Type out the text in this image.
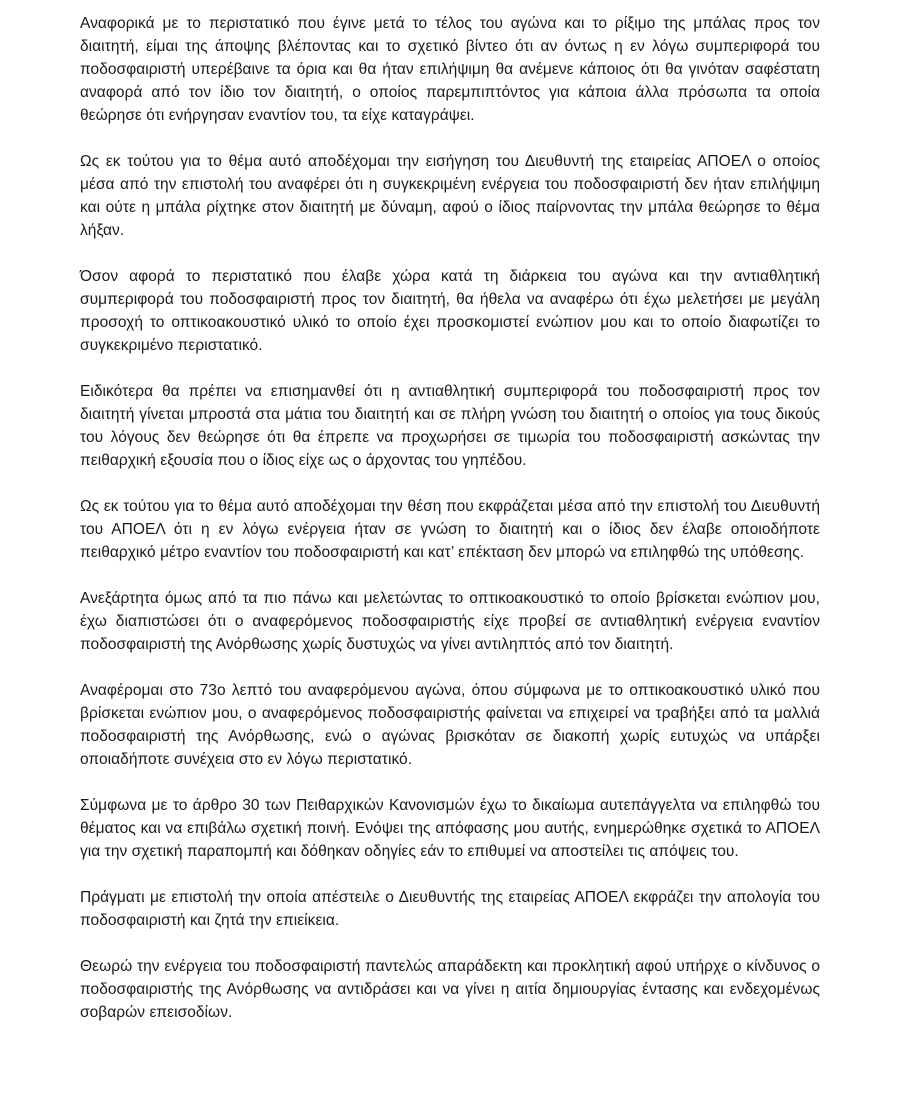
Αναφορικά με το περιστατικό που έγινε μετά το τέλος του αγώνα και το ρίξιμο της μπάλας προς τον διαιτητή, είμαι της άποψης βλέποντας και το σχετικό βίντεο ότι αν όντως η εν λόγω συμπεριφορά του ποδοσφαιριστή υπερέβαινε τα όρια και θα ήταν επιλήψιμη θα ανέμενε κάποιος ότι θα γινόταν σαφέστατη αναφορά από τον ίδιο τον διαιτητή, ο οποίος παρεμπιπτόντος για κάποια άλλα πρόσωπα τα οποία θεώρησε ότι ενήργησαν εναντίον του, τα είχε καταγράψει.

Ως εκ τούτου για το θέμα αυτό αποδέχομαι την εισήγηση του Διευθυντή της εταιρείας ΑΠΟΕΛ ο οποίος μέσα από την επιστολή του αναφέρει ότι η συγκεκριμένη ενέργεια του ποδοσφαιριστή δεν ήταν επιλήψιμη και ούτε η μπάλα ρίχτηκε στον διαιτητή με δύναμη, αφού ο ίδιος παίρνοντας την μπάλα θεώρησε το θέμα λήξαν.

Όσον αφορά το περιστατικό που έλαβε χώρα κατά τη διάρκεια του αγώνα και την αντιαθλητική συμπεριφορά του ποδοσφαιριστή προς τον διαιτητή, θα ήθελα να αναφέρω ότι έχω μελετήσει με μεγάλη προσοχή το οπτικοακουστικό υλικό το οποίο έχει προσκομιστεί ενώπιον μου και το οποίο διαφωτίζει το συγκεκριμένο περιστατικό.

Ειδικότερα θα πρέπει να επισημανθεί ότι η αντιαθλητική συμπεριφορά του ποδοσφαιριστή προς τον διαιτητή γίνεται μπροστά στα μάτια του διαιτητή και σε πλήρη γνώση του διαιτητή ο οποίος για τους δικούς του λόγους δεν θεώρησε ότι θα έπρεπε να προχωρήσει σε τιμωρία του ποδοσφαιριστή ασκώντας την πειθαρχική εξουσία που ο ίδιος είχε ως ο άρχοντας του γηπέδου.

Ως εκ τούτου για το θέμα αυτό αποδέχομαι την θέση που εκφράζεται μέσα από την επιστολή του Διευθυντή του ΑΠΟΕΛ ότι η εν λόγω ενέργεια ήταν σε γνώση το διαιτητή και ο ίδιος δεν έλαβε οποιοδήποτε πειθαρχικό μέτρο εναντίον του ποδοσφαιριστή και κατ’ επέκταση δεν μπορώ να επιληφθώ της υπόθεσης.

Ανεξάρτητα όμως από τα πιο πάνω και μελετώντας το οπτικοακουστικό το οποίο βρίσκεται ενώπιον μου, έχω διαπιστώσει ότι ο αναφερόμενος ποδοσφαιριστής είχε προβεί σε αντιαθλητική ενέργεια εναντίον ποδοσφαιριστή της Ανόρθωσης χωρίς δυστυχώς να γίνει αντιληπτός από τον διαιτητή.

Αναφέρομαι στο 73ο λεπτό του αναφερόμενου αγώνα, όπου σύμφωνα με το οπτικοακουστικό υλικό που βρίσκεται ενώπιον μου, ο αναφερόμενος ποδοσφαιριστής φαίνεται να επιχειρεί να τραβήξει από τα μαλλιά ποδοσφαιριστή της Ανόρθωσης, ενώ ο αγώνας βρισκόταν σε διακοπή χωρίς ευτυχώς να υπάρξει οποιαδήποτε συνέχεια στο εν λόγω περιστατικό.

Σύμφωνα με το άρθρο 30 των Πειθαρχικών Κανονισμών έχω το δικαίωμα αυτεπάγγελτα να επιληφθώ του θέματος και να επιβάλω σχετική ποινή. Ενόψει της απόφασης μου αυτής, ενημερώθηκε σχετικά το ΑΠΟΕΛ για την σχετική παραπομπή και δόθηκαν οδηγίες εάν το επιθυμεί να αποστείλει τις απόψεις του.

Πράγματι με επιστολή την οποία απέστειλε ο Διευθυντής της εταιρείας ΑΠΟΕΛ εκφράζει την απολογία του ποδοσφαιριστή και ζητά την επιείκεια.

Θεωρώ την ενέργεια του ποδοσφαιριστή παντελώς απαράδεκτη και προκλητική αφού υπήρχε ο κίνδυνος ο ποδοσφαιριστής της Ανόρθωσης να αντιδράσει και να γίνει η αιτία δημιουργίας έντασης και ενδεχομένως σοβαρών επεισοδίων.
